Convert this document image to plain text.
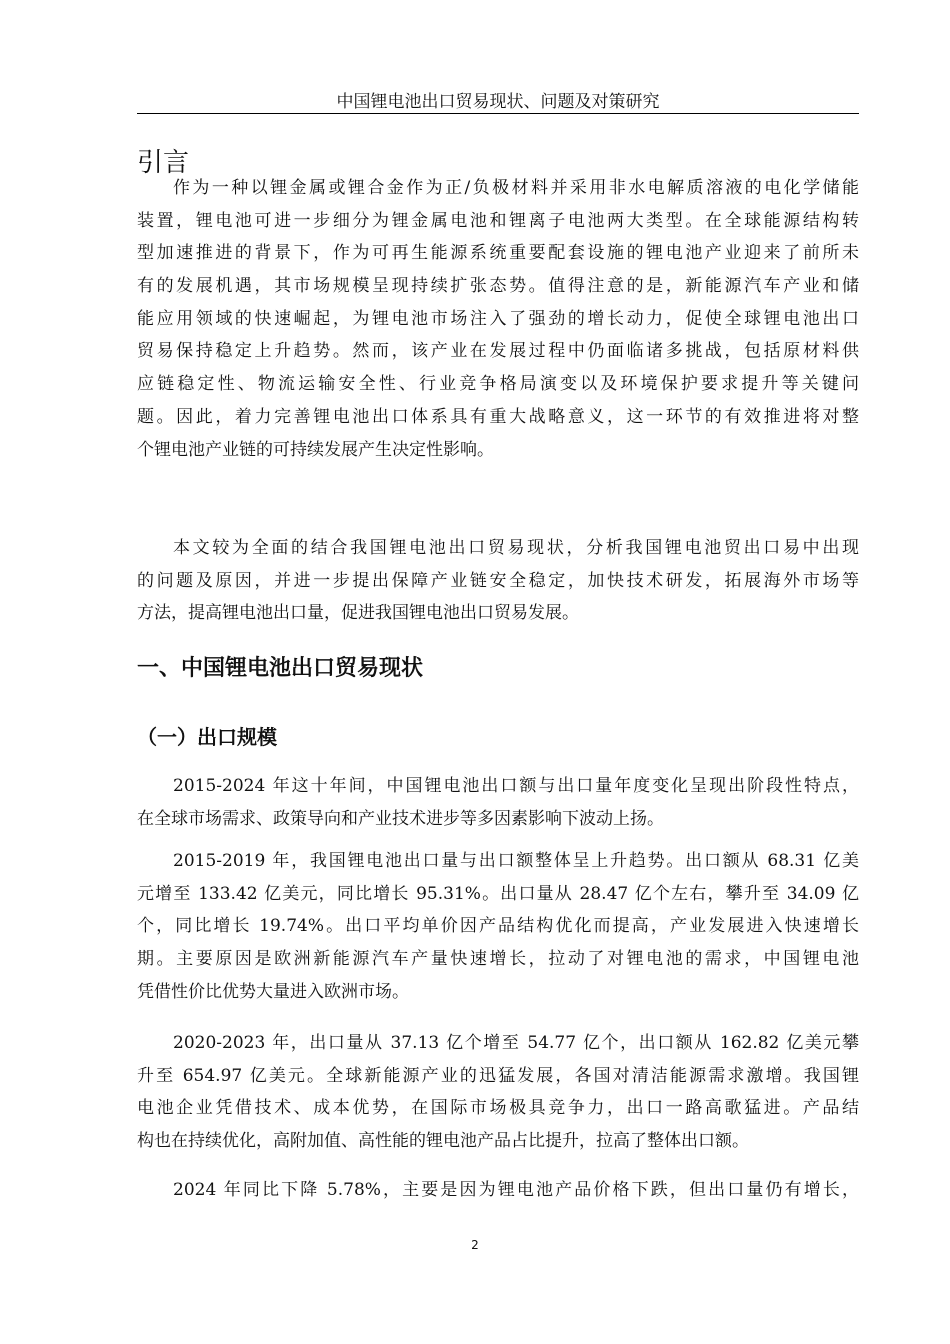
中国锂电池出口贸易现状、问题及对策研究
引言
作为一种以锂金属或锂合金作为正/负极材料并采用非水电解质溶液的电化学储能
装置，锂电池可进一步细分为锂金属电池和锂离子电池两大类型。在全球能源结构转
型加速推进的背景下，作为可再生能源系统重要配套设施的锂电池产业迎来了前所未
有的发展机遇，其市场规模呈现持续扩张态势。值得注意的是，新能源汽车产业和储
能应用领域的快速崛起，为锂电池市场注入了强劲的增长动力，促使全球锂电池出口
贸易保持稳定上升趋势。然而，该产业在发展过程中仍面临诸多挑战，包括原材料供
应链稳定性、物流运输安全性、行业竞争格局演变以及环境保护要求提升等关键问
题。因此，着力完善锂电池出口体系具有重大战略意义，这一环节的有效推进将对整
个锂电池产业链的可持续发展产生决定性影响。
本文较为全面的结合我国锂电池出口贸易现状，分析我国锂电池贸出口易中出现
的问题及原因，并进一步提出保障产业链安全稳定，加快技术研发，拓展海外市场等
方法，提高锂电池出口量，促进我国锂电池出口贸易发展。
一、中国锂电池出口贸易现状
（一）出口规模
2015-2024 年这十年间，中国锂电池出口额与出口量年度变化呈现出阶段性特点，
在全球市场需求、政策导向和产业技术进步等多因素影响下波动上扬。
2015-2019 年，我国锂电池出口量与出口额整体呈上升趋势。出口额从 68.31 亿美
元增至 133.42 亿美元，同比增长 95.31%。出口量从 28.47 亿个左右，攀升至 34.09 亿
个，同比增长 19.74%。出口平均单价因产品结构优化而提高，产业发展进入快速增长
期。主要原因是欧洲新能源汽车产量快速增长，拉动了对锂电池的需求，中国锂电池
凭借性价比优势大量进入欧洲市场。
2020-2023 年，出口量从 37.13 亿个增至 54.77 亿个，出口额从 162.82 亿美元攀
升至 654.97 亿美元。全球新能源产业的迅猛发展，各国对清洁能源需求激增。我国锂
电池企业凭借技术、成本优势，在国际市场极具竞争力，出口一路高歌猛进。产品结
构也在持续优化，高附加值、高性能的锂电池产品占比提升，拉高了整体出口额。
2024 年同比下降 5.78%，主要是因为锂电池产品价格下跌，但出口量仍有增长，
2
